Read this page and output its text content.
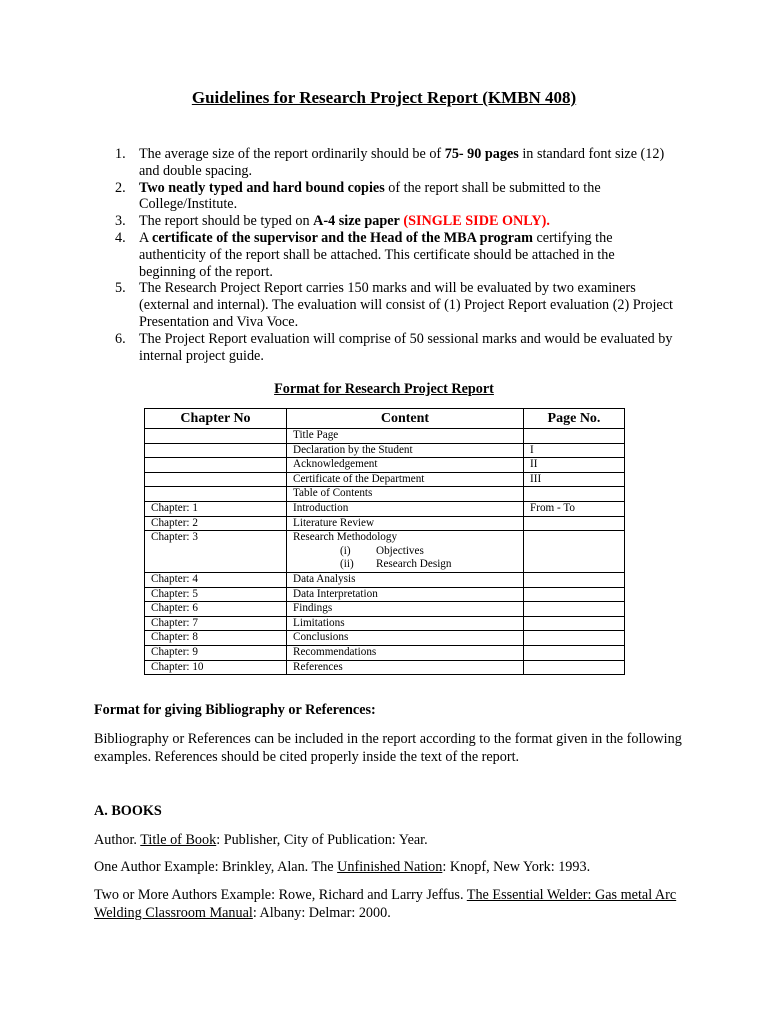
Guidelines for Research Project Report (KMBN 408)
1. The average size of the report ordinarily should be of 75- 90 pages in standard font size (12) and double spacing.
2. Two neatly typed and hard bound copies of the report shall be submitted to the College/Institute.
3. The report should be typed on A-4 size paper (SINGLE SIDE ONLY).
4. A certificate of the supervisor and the Head of the MBA program certifying the authenticity of the report shall be attached. This certificate should be attached in the beginning of the report.
5. The Research Project Report carries 150 marks and will be evaluated by two examiners (external and internal). The evaluation will consist of (1) Project Report evaluation (2) Project Presentation and Viva Voce.
6. The Project Report evaluation will comprise of 50 sessional marks and would be evaluated by internal project guide.
Format for Research Project Report
Chapter No	Content	Page No.
	Title Page	
	Declaration by the Student	I
	Acknowledgement	II
	Certificate of the Department	III
	Table of Contents	
Chapter: 1	Introduction	From - To
Chapter: 2	Literature Review	
Chapter: 3	Research Methodology
(i) Objectives
(ii) Research Design	

Chapter: 4	Data Analysis	
Chapter: 5	Data Interpretation	
Chapter: 6	Findings	
Chapter: 7	Limitations	
Chapter: 8	Conclusions	
Chapter: 9	Recommendations	
Chapter: 10	References	
Format for giving Bibliography or References:
Bibliography or References can be included in the report according to the format given in the following examples. References should be cited properly inside the text of the report.
A. BOOKS
Author. Title of Book: Publisher, City of Publication: Year.
One Author Example: Brinkley, Alan. The Unfinished Nation: Knopf, New York: 1993.
Two or More Authors Example: Rowe, Richard and Larry Jeffus. The Essential Welder: Gas metal Arc Welding Classroom Manual: Albany: Delmar: 2000.
